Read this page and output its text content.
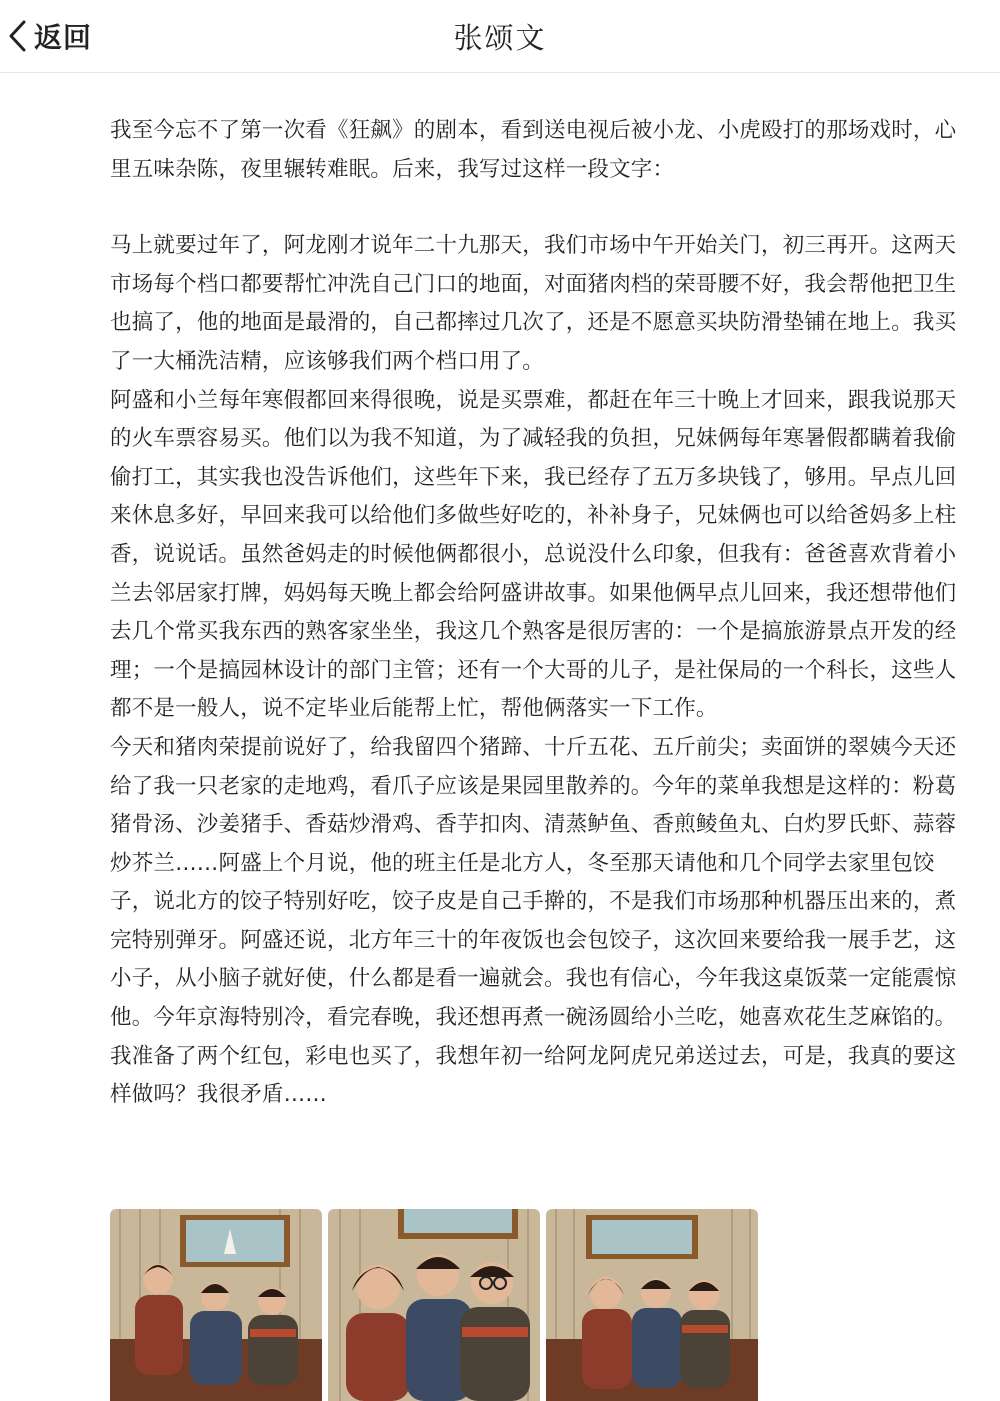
返回	张颂文

我至今忘不了第一次看《狂飙》的剧本，看到送电视后被小龙、小虎殴打的那场戏时，心里五味杂陈，夜里辗转难眠。后来，我写过这样一段文字：

马上就要过年了，阿龙刚才说年二十九那天，我们市场中午开始关门，初三再开。这两天市场每个档口都要帮忙冲洗自己门口的地面，对面猪肉档的荣哥腰不好，我会帮他把卫生也搞了，他的地面是最滑的，自己都摔过几次了，还是不愿意买块防滑垫铺在地上。我买了一大桶洗洁精，应该够我们两个档口用了。

阿盛和小兰每年寒假都回来得很晚，说是买票难，都赶在年三十晚上才回来，跟我说那天的火车票容易买。他们以为我不知道，为了减轻我的负担，兄妹俩每年寒暑假都瞒着我偷偷打工，其实我也没告诉他们，这些年下来，我已经存了五万多块钱了，够用。早点儿回来休息多好，早回来我可以给他们多做些好吃的，补补身子，兄妹俩也可以给爸妈多上柱香，说说话。虽然爸妈走的时候他俩都很小，总说没什么印象，但我有：爸爸喜欢背着小兰去邻居家打牌，妈妈每天晚上都会给阿盛讲故事。如果他俩早点儿回来，我还想带他们去几个常买我东西的熟客家坐坐，我这几个熟客是很厉害的：一个是搞旅游景点开发的经理；一个是搞园林设计的部门主管；还有一个大哥的儿子，是社保局的一个科长，这些人都不是一般人，说不定毕业后能帮上忙，帮他俩落实一下工作。

今天和猪肉荣提前说好了，给我留四个猪蹄、十斤五花、五斤前尖；卖面饼的翠姨今天还给了我一只老家的走地鸡，看爪子应该是果园里散养的。今年的菜单我想是这样的：粉葛猪骨汤、沙姜猪手、香菇炒滑鸡、香芋扣肉、清蒸鲈鱼、香煎鲮鱼丸、白灼罗氏虾、蒜蓉炒芥兰……阿盛上个月说，他的班主任是北方人，冬至那天请他和几个同学去家里包饺子，说北方的饺子特别好吃，饺子皮是自己手擀的，不是我们市场那种机器压出来的，煮完特别弹牙。阿盛还说，北方年三十的年夜饭也会包饺子，这次回来要给我一展手艺，这小子，从小脑子就好使，什么都是看一遍就会。我也有信心，今年我这桌饭菜一定能震惊他。今年京海特别冷，看完春晚，我还想再煮一碗汤圆给小兰吃，她喜欢花生芝麻馅的。

我准备了两个红包，彩电也买了，我想年初一给阿龙阿虎兄弟送过去，可是，我真的要这样做吗？我很矛盾……
